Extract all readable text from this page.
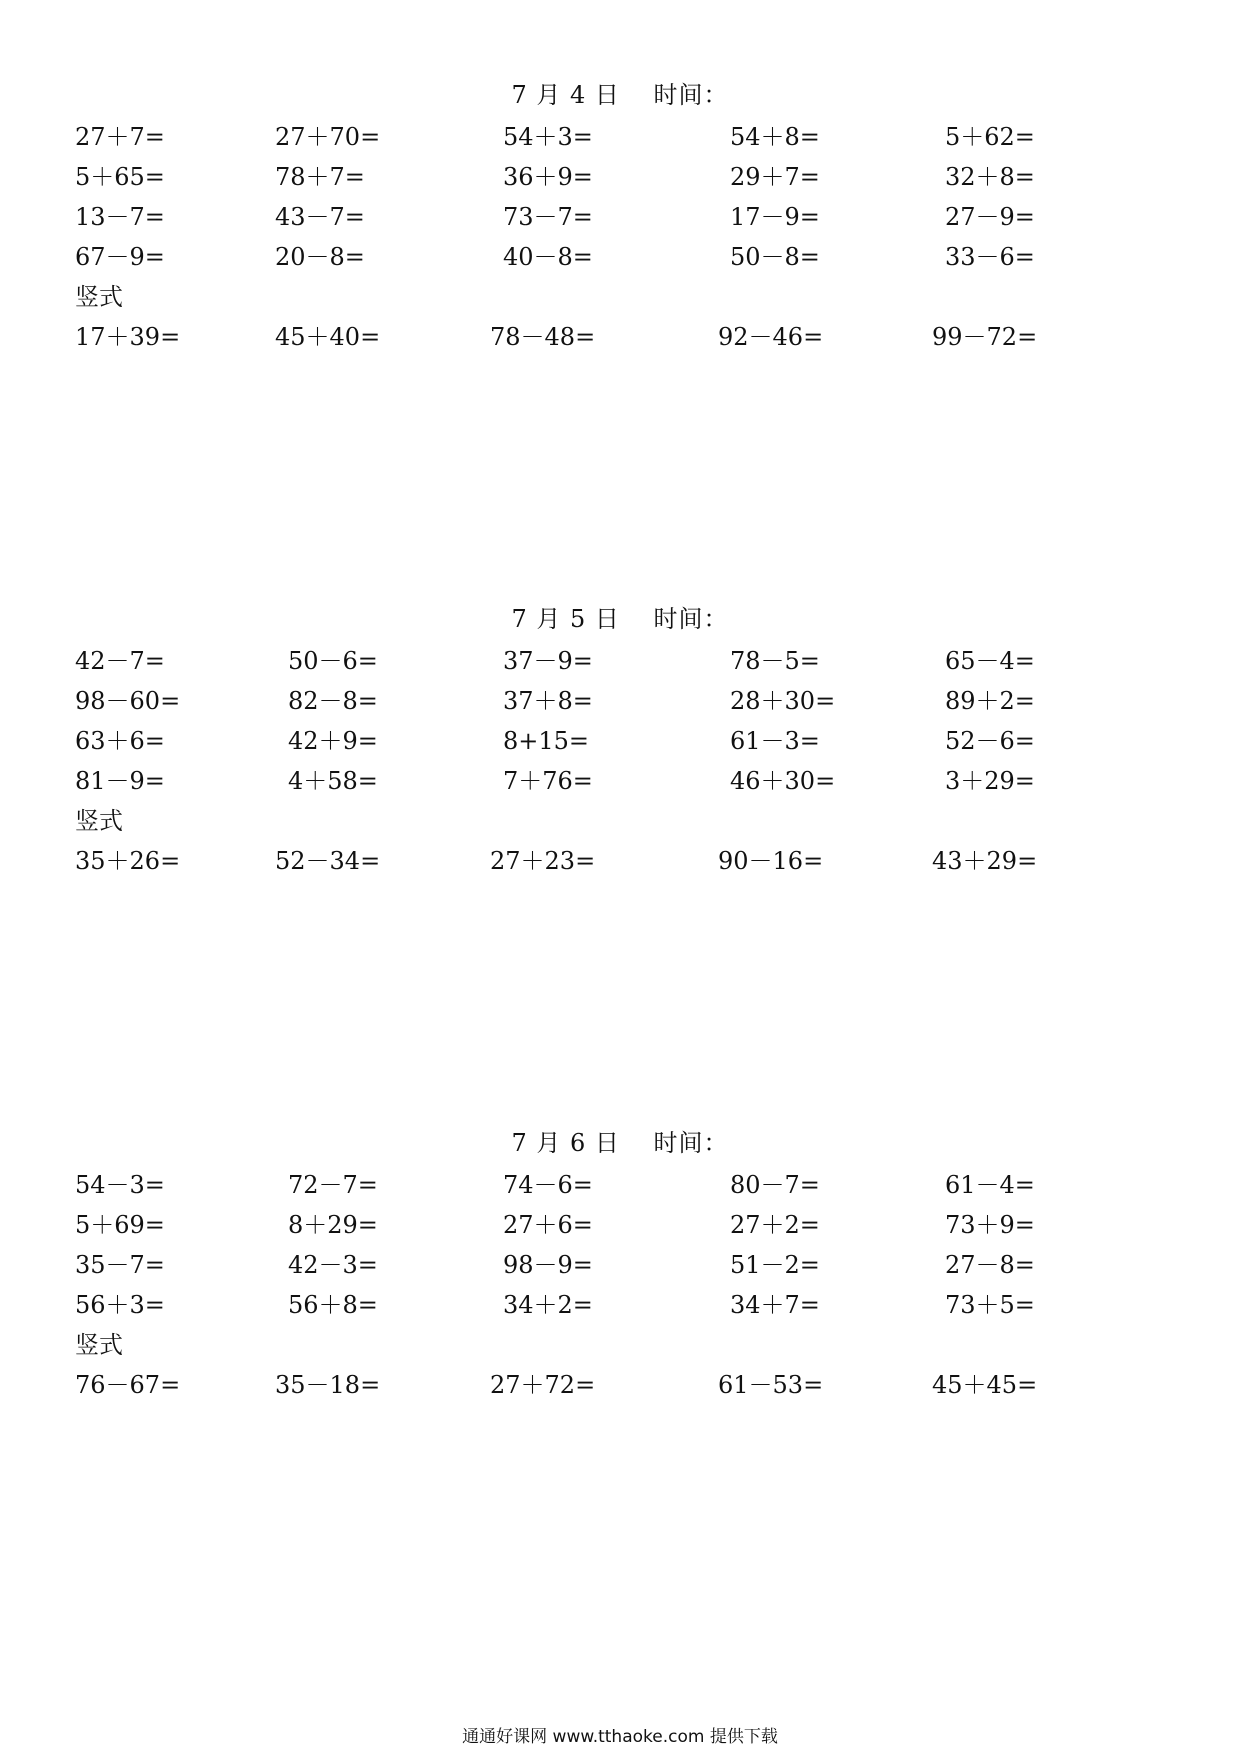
7 月 4 日　 时间：
27＋7=	27＋70=	54＋3=	54＋8=	5＋62=
5＋65=	78＋7=	36＋9=	29＋7=	32＋8=
13－7=	43－7=	73－7=	17－9=	27－9=
67－9=	20－8=	40－8=	50－8=	33－6=
竖式
17＋39=	45＋40=	78－48=	92－46=	99－72=
7 月 5 日　 时间：
42－7=	50－6=	37－9=	78－5=	65－4=
98－60=	82－8=	37＋8=	28＋30=	89＋2=
63＋6=	42＋9=	8+15=	61－3=	52－6=
81－9=	4＋58=	7＋76=	46＋30=	3＋29=
竖式
35＋26=	52－34=	27＋23=	90－16=	43＋29=
7 月 6 日　 时间：
54－3=	72－7=	74－6=	80－7=	61－4=
5＋69=	8＋29=	27＋6=	27＋2=	73＋9=
35－7=	42－3=	98－9=	51－2=	27－8=
56＋3=	56＋8=	34＋2=	34＋7=	73＋5=
竖式
76－67=	35－18=	27＋72=	61－53=	45＋45=
通通好课网 www.tthaoke.com 提供下载
